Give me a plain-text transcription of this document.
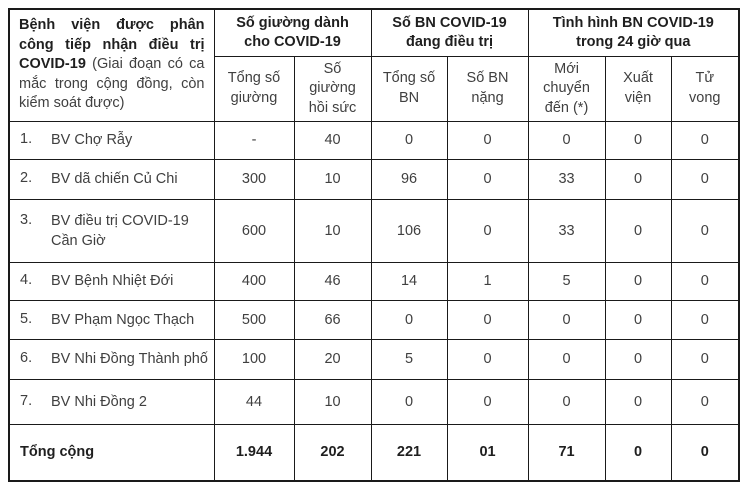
Bệnh viện được phân công tiếp nhận điều trị COVID-19 (Giai đoạn có ca mắc trong cộng đồng, còn kiểm soát được)	Số giường dành cho COVID-19		Số BN COVID-19 đang điều trị		Tình hình BN COVID-19 trong 24 giờ qua		
	Tổng số giường	Số giường hồi sức	Tổng số BN	Số BN nặng	Mới chuyển đến (*)	Xuất viện	Tử vong

1. BV Chợ Rẫy	-	40	0	0	0	0	0

2. BV dã chiến Củ Chi	300	10	96	0	33	0	0

3. BV điều trị COVID-19 Cần Giờ	600	10	106	0	33	0	0

4. BV Bệnh Nhiệt Đới	400	46	14	1	5	0	0

5. BV Phạm Ngọc Thạch	500	66	0	0	0	0	0

6. BV Nhi Đồng Thành phố	100	20	5	0	0	0	0

7. BV Nhi Đồng 2	44	10	0	0	0	0	0
Tổng cộng	1.944	202	221	01	71	0	0
